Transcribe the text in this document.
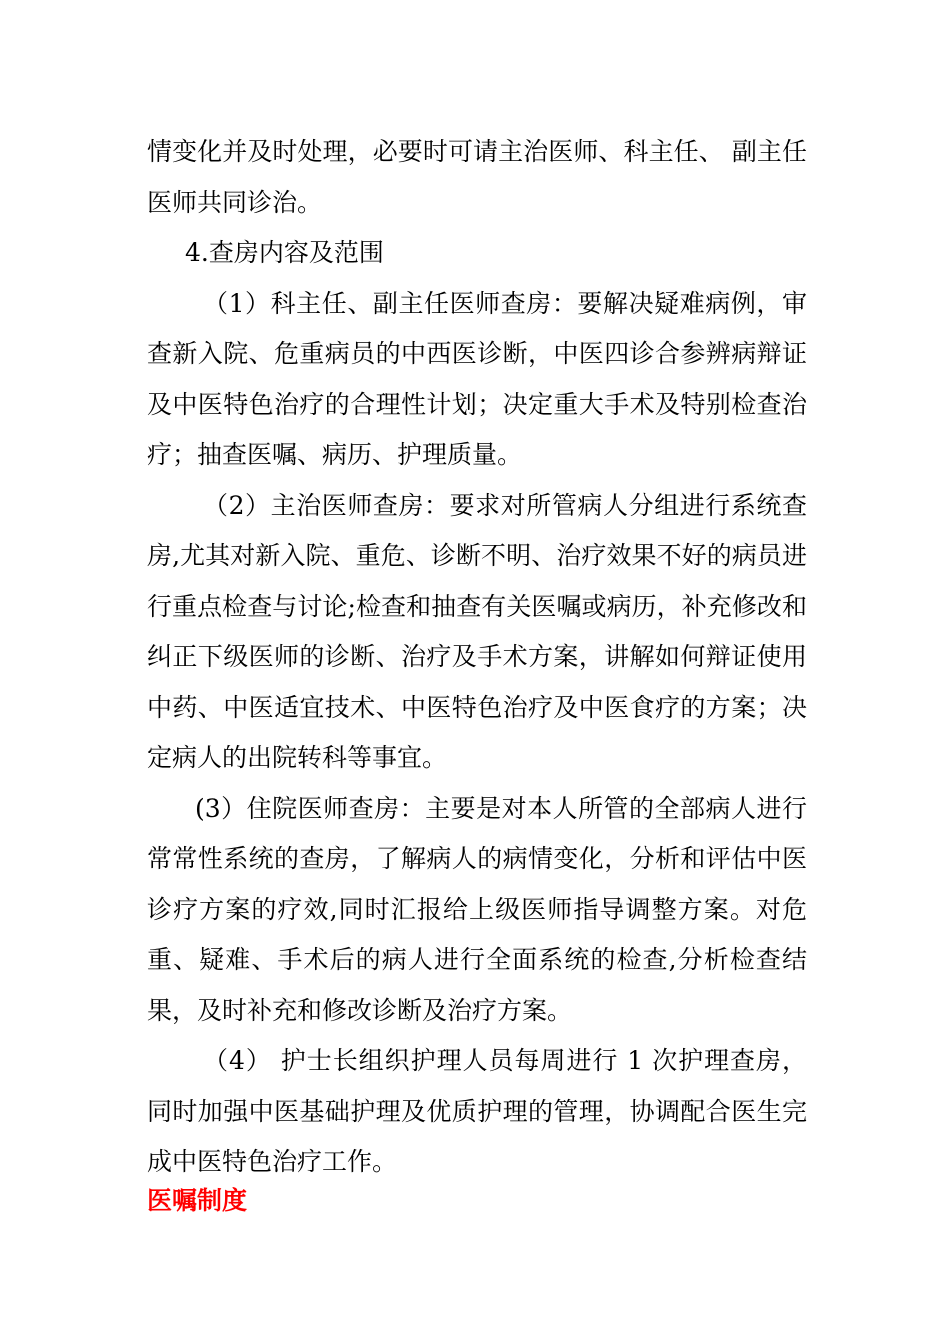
情变化并及时处理，必要时可请主治医师、科主任、 副主任医师共同诊治。

4.查房内容及范围

（1）科主任、副主任医师查房：要解决疑难病例，审查新入院、危重病员的中西医诊断，中医四诊合参辨病辩证及中医特色治疗的合理性计划；决定重大手术及特别检查治疗；抽查医嘱、病历、护理质量。

（2）主治医师查房：要求对所管病人分组进行系统查房,尤其对新入院、重危、诊断不明、治疗效果不好的病员进行重点检查与讨论;检查和抽查有关医嘱或病历，补充修改和纠正下级医师的诊断、治疗及手术方案，讲解如何辩证使用中药、中医适宜技术、中医特色治疗及中医食疗的方案；决定病人的出院转科等事宜。

(3）住院医师查房：主要是对本人所管的全部病人进行常常性系统的查房，了解病人的病情变化，分析和评估中医诊疗方案的疗效,同时汇报给上级医师指导调整方案。对危重、疑难、手术后的病人进行全面系统的检查,分析检查结果，及时补充和修改诊断及治疗方案。

（4） 护士长组织护理人员每周进行 1 次护理查房，同时加强中医基础护理及优质护理的管理，协调配合医生完成中医特色治疗工作。

医嘱制度
